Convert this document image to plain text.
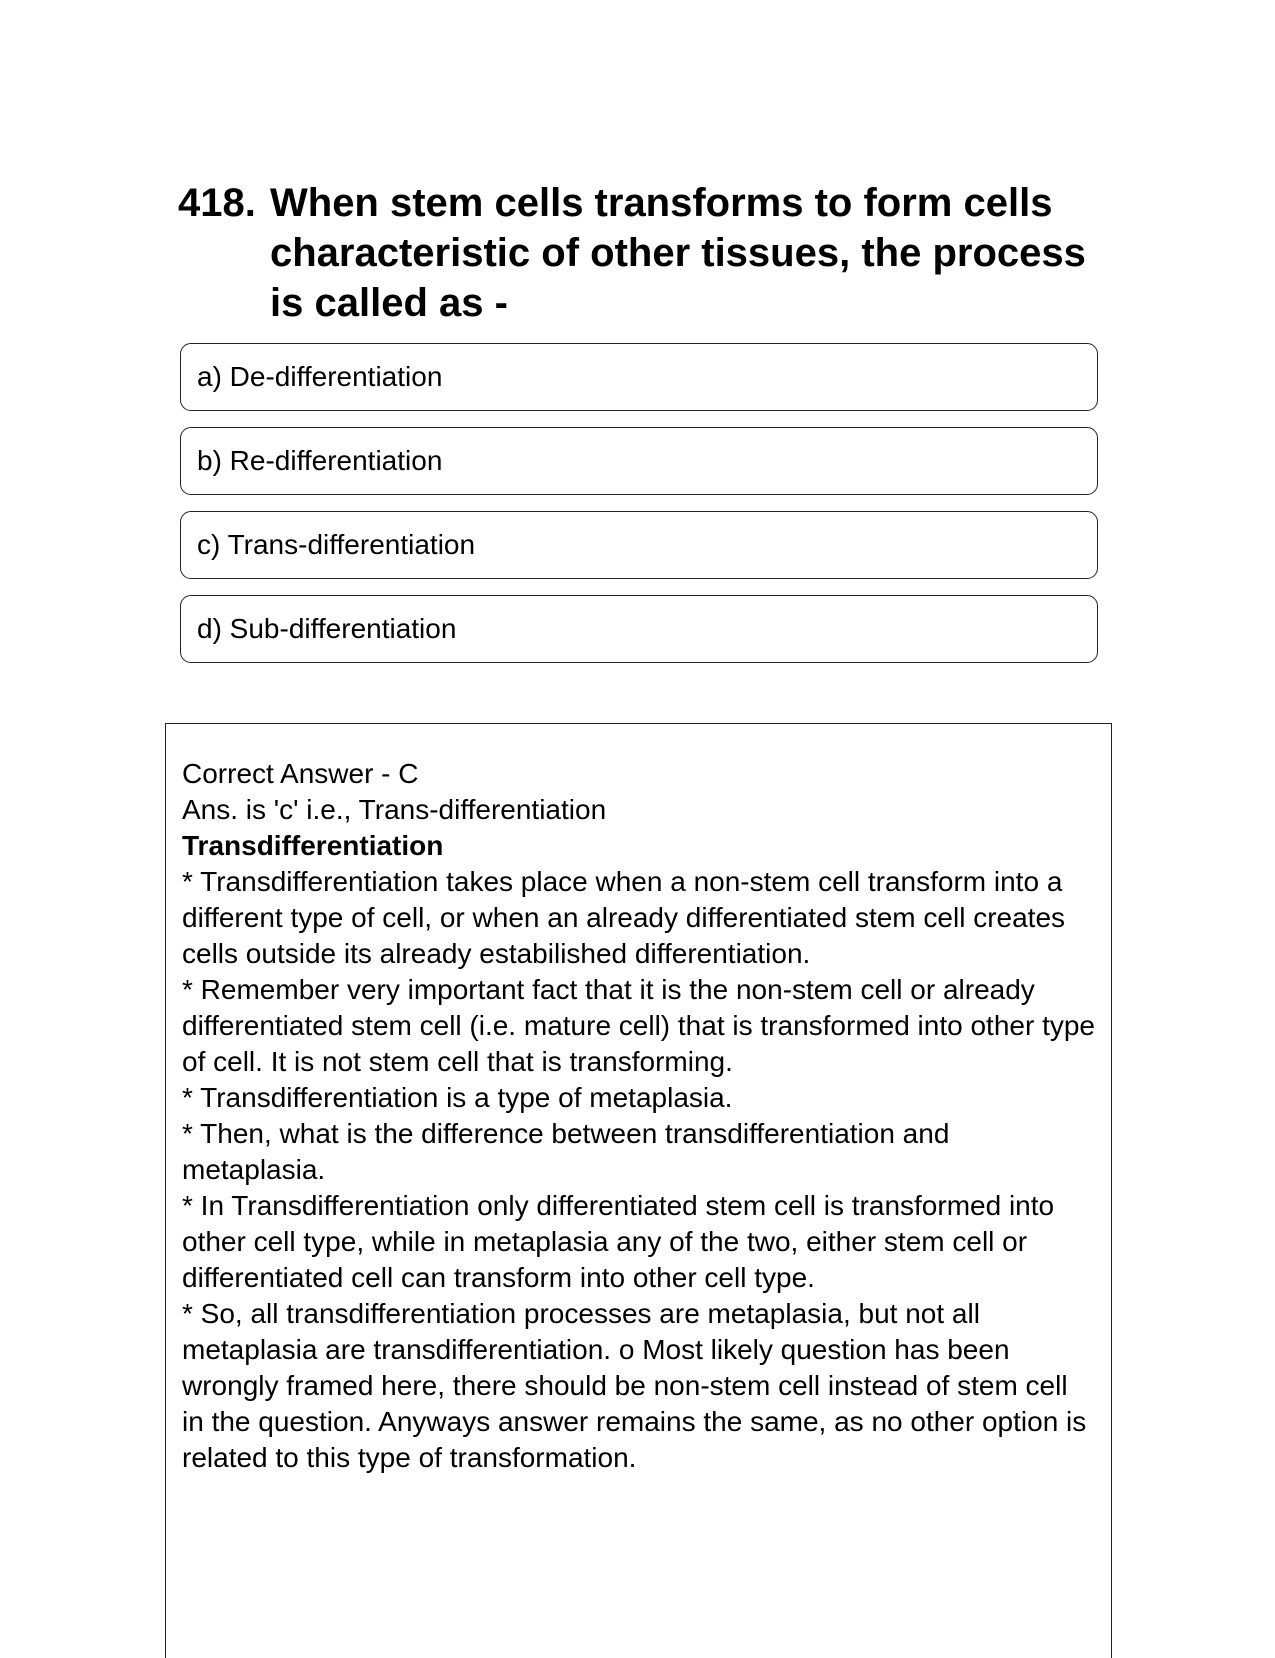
418. When stem cells transforms to form cells characteristic of other tissues, the process is called as -
a) De-differentiation
b) Re-differentiation
c) Trans-differentiation
d) Sub-differentiation

Correct Answer - C

Ans. is 'c' i.e., Trans-differentiation

Transdifferentiation

* Transdifferentiation takes place when a non-stem cell transform into a different type of cell, or when an already differentiated stem cell creates cells outside its already estabilished differentiation.

* Remember very important fact that it is the non-stem cell or already differentiated stem cell (i.e. mature cell) that is transformed into other type of cell. It is not stem cell that is transforming.

* Transdifferentiation is a type of metaplasia.

* Then, what is the difference between transdifferentiation and metaplasia.

* In Transdifferentiation only differentiated stem cell is transformed into other cell type, while in metaplasia any of the two, either stem cell or differentiated cell can transform into other cell type.

* So, all transdifferentiation processes are metaplasia, but not all metaplasia are transdifferentiation. o Most likely question has been wrongly framed here, there should be non-stem cell instead of stem cell in the question. Anyways answer remains the same, as no other option is related to this type of transformation.
